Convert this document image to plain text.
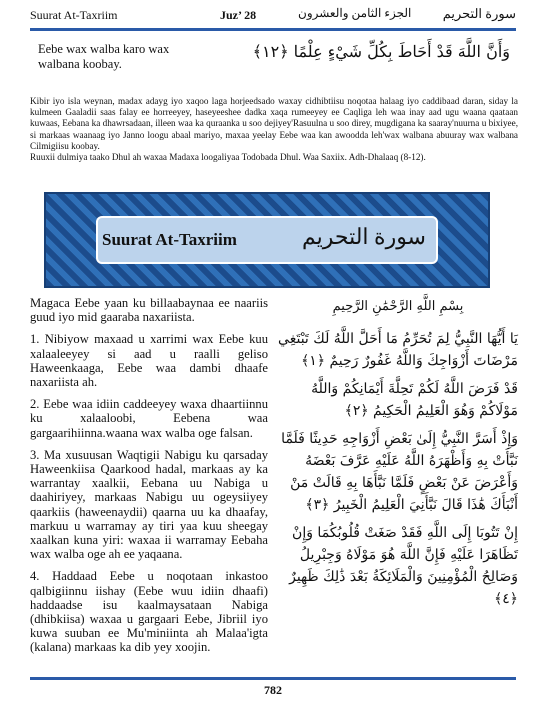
Suurat At-Taxriim	Juz’ 28	الجزء الثامن والعشرون سورة التحريم
Eebe wax walba karo wax walbana koobay.
وَأَنَّ اللَّهَ قَدْ أَحَاطَ بِكُلِّ شَيْءٍ عِلْمًا ﴿١٢﴾
Kibir iyo isla weynan, madax adayg iyo xaqoo laga horjeedsado waxay cidhibtiisu noqotaa halaag iyo caddibaad daran, siday la kulmeen Gaaladii saas falay ee horreeyey, haseyeeshee dadka xaqa rumeeyey ee Caqliga leh waa inay aad ugu waana qaataan kuwaas, Eebana ka dhawrsadaan, illeen waa ka quraanka u soo dejiyey'Rasuulna u soo direy, mugdigana ka saaray'nuurna u bixiyee, si markaas waanaag iyo Janno loogu abaal mariyo, maxaa yeelay Eebe waa kan awoodda leh'wax walbana abuuray wax walbana Cilmigiisu koobay.
Ruuxii dulmiya taako Dhul ah waxaa Madaxa loogaliyaa Todobada Dhul. Waa Saxiix. Adh-Dhalaaq (8-12).
Suurat At-Taxriim	سورة التحريم

Magaca Eebe yaan ku billaabaynaa ee naariis guud iyo mid gaaraba naxariista.

1. Nibiyow maxaad u xarrimi wax Eebe kuu xalaaleeyey si aad u raalli geliso Haweenkaaga, Eebe waa dambi dhaafe naxariista ah.

2. Eebe waa idiin caddeeyey waxa dhaartiinnu ku xalaaloobi, Eebena waa gargaarihiinna.waana wax walba oge falsan.

3. Ma xusuusan Waqtigii Nabigu ku qarsaday Haweenkiisa Qaarkood hadal, markaas ay ka warrantay xaalkii, Eebana uu Nabiga u daahiriyey, markaas Nabigu uu ogeysiiyey qaarkiis (haweenaydii) qaarna uu ka dhaafay, markuu u warramay ay tiri yaa kuu sheegay xaalkan kuna yiri: waxaa ii warramay Eebaha wax walba oge ah ee yaqaana.

4. Haddaad Eebe u noqotaan inkastoo qalbigiinnu iishay (Eebe wuu idiin dhaafi) haddaadse isu kaalmaysataan Nabiga (dhibkiisa) waxaa u gargaari Eebe, Jibriil iyo kuwa suuban ee Mu'miniinta ah Malaa'igta (kalana) markaas ka dib yey xoojin.

بِسْمِ اللَّهِ الرَّحْمَٰنِ الرَّحِيمِ

يَا أَيُّهَا النَّبِيُّ لِمَ تُحَرِّمُ مَا أَحَلَّ اللَّهُ لَكَ تَبْتَغِي مَرْضَاتَ أَزْوَاجِكَ وَاللَّهُ غَفُورٌ رَحِيمٌ ﴿١﴾

قَدْ فَرَضَ اللَّهُ لَكُمْ تَحِلَّةَ أَيْمَانِكُمْ وَاللَّهُ مَوْلَاكُمْ وَهُوَ الْعَلِيمُ الْحَكِيمُ ﴿٢﴾

وَإِذْ أَسَرَّ النَّبِيُّ إِلَىٰ بَعْضِ أَزْوَاجِهِ حَدِيثًا فَلَمَّا نَبَّأَتْ بِهِ وَأَظْهَرَهُ اللَّهُ عَلَيْهِ عَرَّفَ بَعْضَهُ وَأَعْرَضَ عَنْ بَعْضٍ فَلَمَّا نَبَّأَهَا بِهِ قَالَتْ مَنْ أَنْبَأَكَ هَٰذَا قَالَ نَبَّأَنِيَ الْعَلِيمُ الْخَبِيرُ ﴿٣﴾

إِنْ تَتُوبَا إِلَى اللَّهِ فَقَدْ صَغَتْ قُلُوبُكُمَا وَإِنْ تَظَاهَرَا عَلَيْهِ فَإِنَّ اللَّهَ هُوَ مَوْلَاهُ وَجِبْرِيلُ وَصَالِحُ الْمُؤْمِنِينَ وَالْمَلَائِكَةُ بَعْدَ ذَٰلِكَ ظَهِيرٌ ﴿٤﴾

782
